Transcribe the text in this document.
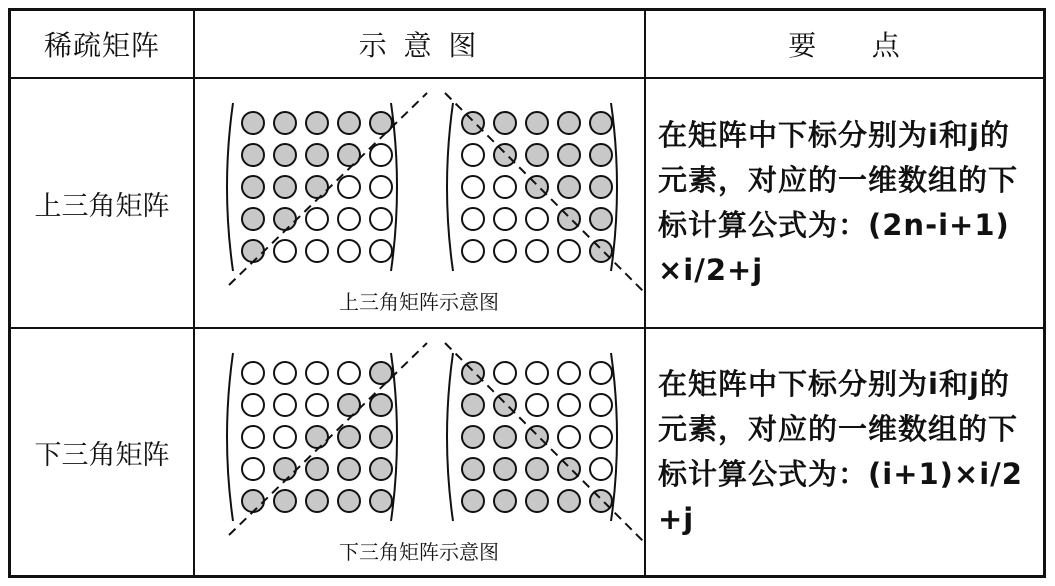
稀疏矩阵	示 意 图	要    点
上三角矩阵
上三角矩阵示意图
在矩阵中下标分别为i和j的元素，对应的一维数组的下标计算公式为：(2n-i+1)×i/2+j
下三角矩阵
下三角矩阵示意图
在矩阵中下标分别为i和j的元素，对应的一维数组的下标计算公式为：(i+1)×i/2+j
